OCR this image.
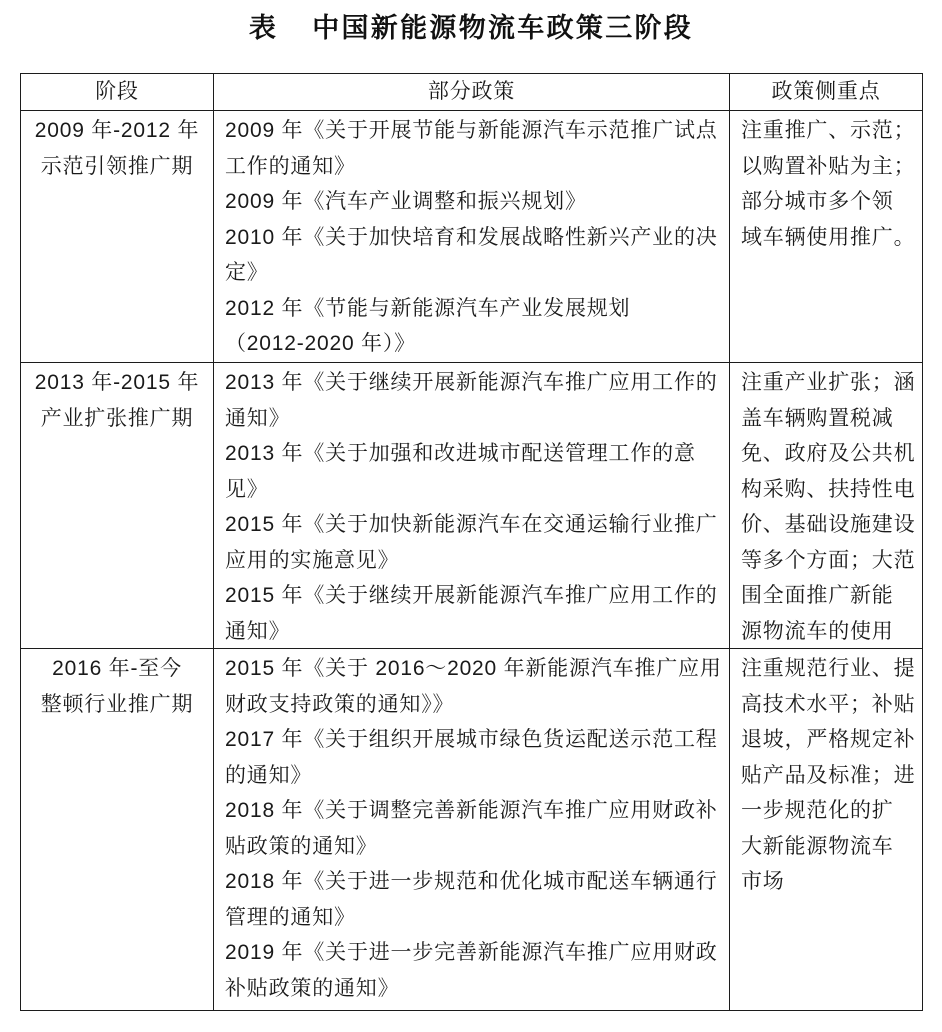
表 中国新能源物流车政策三阶段
阶段	部分政策	政策侧重点
2009 年-2012 年
示范引领推广期
2009 年《关于开展节能与新能源汽车示范推广试点
工作的通知》
2009 年《汽车产业调整和振兴规划》
2010 年《关于加快培育和发展战略性新兴产业的决
定》
2012 年《节能与新能源汽车产业发展规划
（2012-2020 年）》
注重推广、示范；
以购置补贴为主；
部分城市多个领
域车辆使用推广。
2013 年-2015 年
产业扩张推广期
2013 年《关于继续开展新能源汽车推广应用工作的
通知》
2013 年《关于加强和改进城市配送管理工作的意
见》
2015 年《关于加快新能源汽车在交通运输行业推广
应用的实施意见》
2015 年《关于继续开展新能源汽车推广应用工作的
通知》
注重产业扩张；涵
盖车辆购置税减
免、政府及公共机
构采购、扶持性电
价、基础设施建设
等多个方面；大范
围全面推广新能
源物流车的使用
2016 年-至今
整顿行业推广期
2015 年《关于 2016～2020 年新能源汽车推广应用
财政支持政策的通知》》
2017 年《关于组织开展城市绿色货运配送示范工程
的通知》
2018 年《关于调整完善新能源汽车推广应用财政补
贴政策的通知》
2018 年《关于进一步规范和优化城市配送车辆通行
管理的通知》
2019 年《关于进一步完善新能源汽车推广应用财政
补贴政策的通知》
注重规范行业、提
高技术水平；补贴
退坡，严格规定补
贴产品及标准；进
一步规范化的扩
大新能源物流车
市场
